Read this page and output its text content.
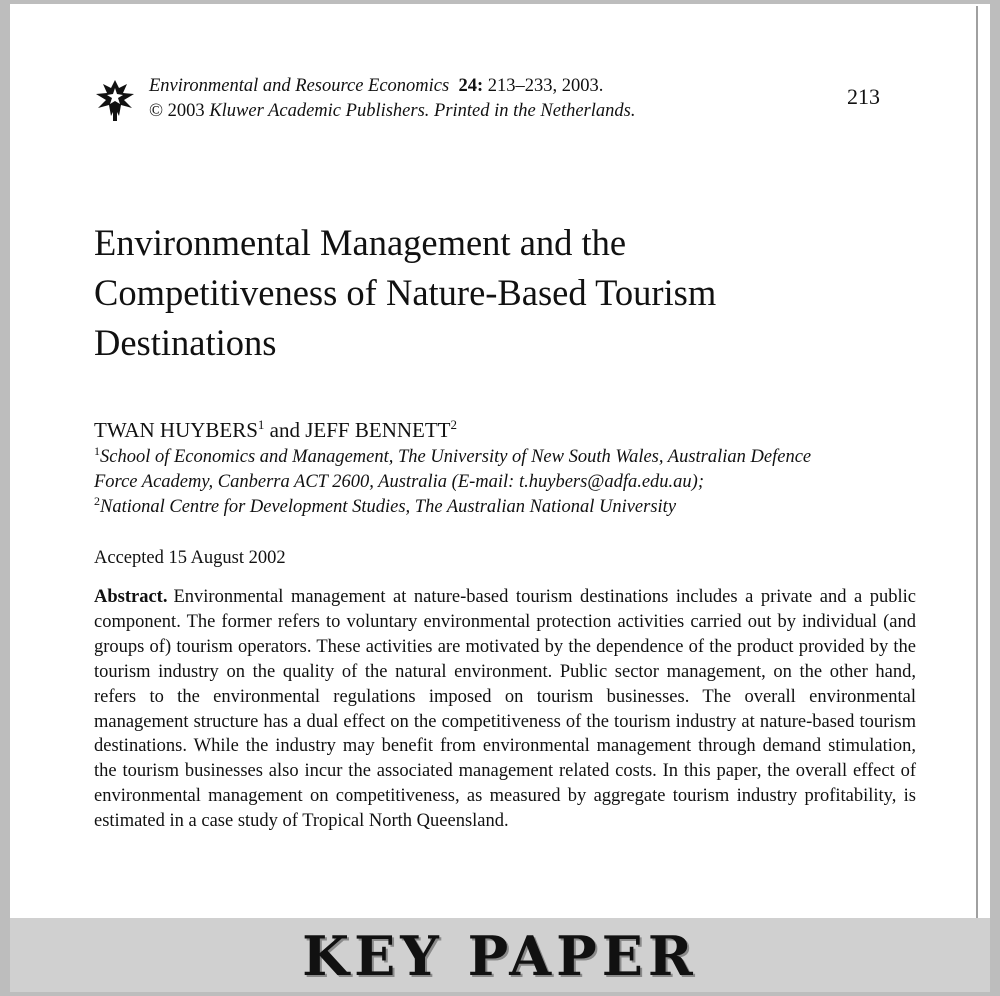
Environmental and Resource Economics 24: 213–233, 2003.
© 2003 Kluwer Academic Publishers. Printed in the Netherlands.
213
Environmental Management and the
Competitiveness of Nature-Based Tourism
Destinations
TWAN HUYBERS$^1$ and JEFF BENNETT$^2$
$^1$School of Economics and Management, The University of New South Wales, Australian Defence
Force Academy, Canberra ACT 2600, Australia (E-mail: t.huybers@adfa.edu.au);
$^2$National Centre for Development Studies, The Australian National University
Accepted 15 August 2002

Abstract. Environmental management at nature-based tourism destinations includes a private and a public component. The former refers to voluntary environmental protection activities carried out by individual (and groups of) tourism operators. These activities are motivated by the dependence of the product provided by the tourism industry on the quality of the natural environment. Public sector management, on the other hand, refers to the environmental regulations imposed on tourism businesses. The overall environmental management structure has a dual effect on the competitiveness of the tourism industry at nature-based tourism destinations. While the industry may benefit from environmental management through demand stimulation, the tourism businesses also incur the associated management related costs. In this paper, the overall effect of environmental management on competitiveness, as measured by aggregate tourism industry profitability, is estimated in a case study of Tropical North Queensland.

KEY PAPER
